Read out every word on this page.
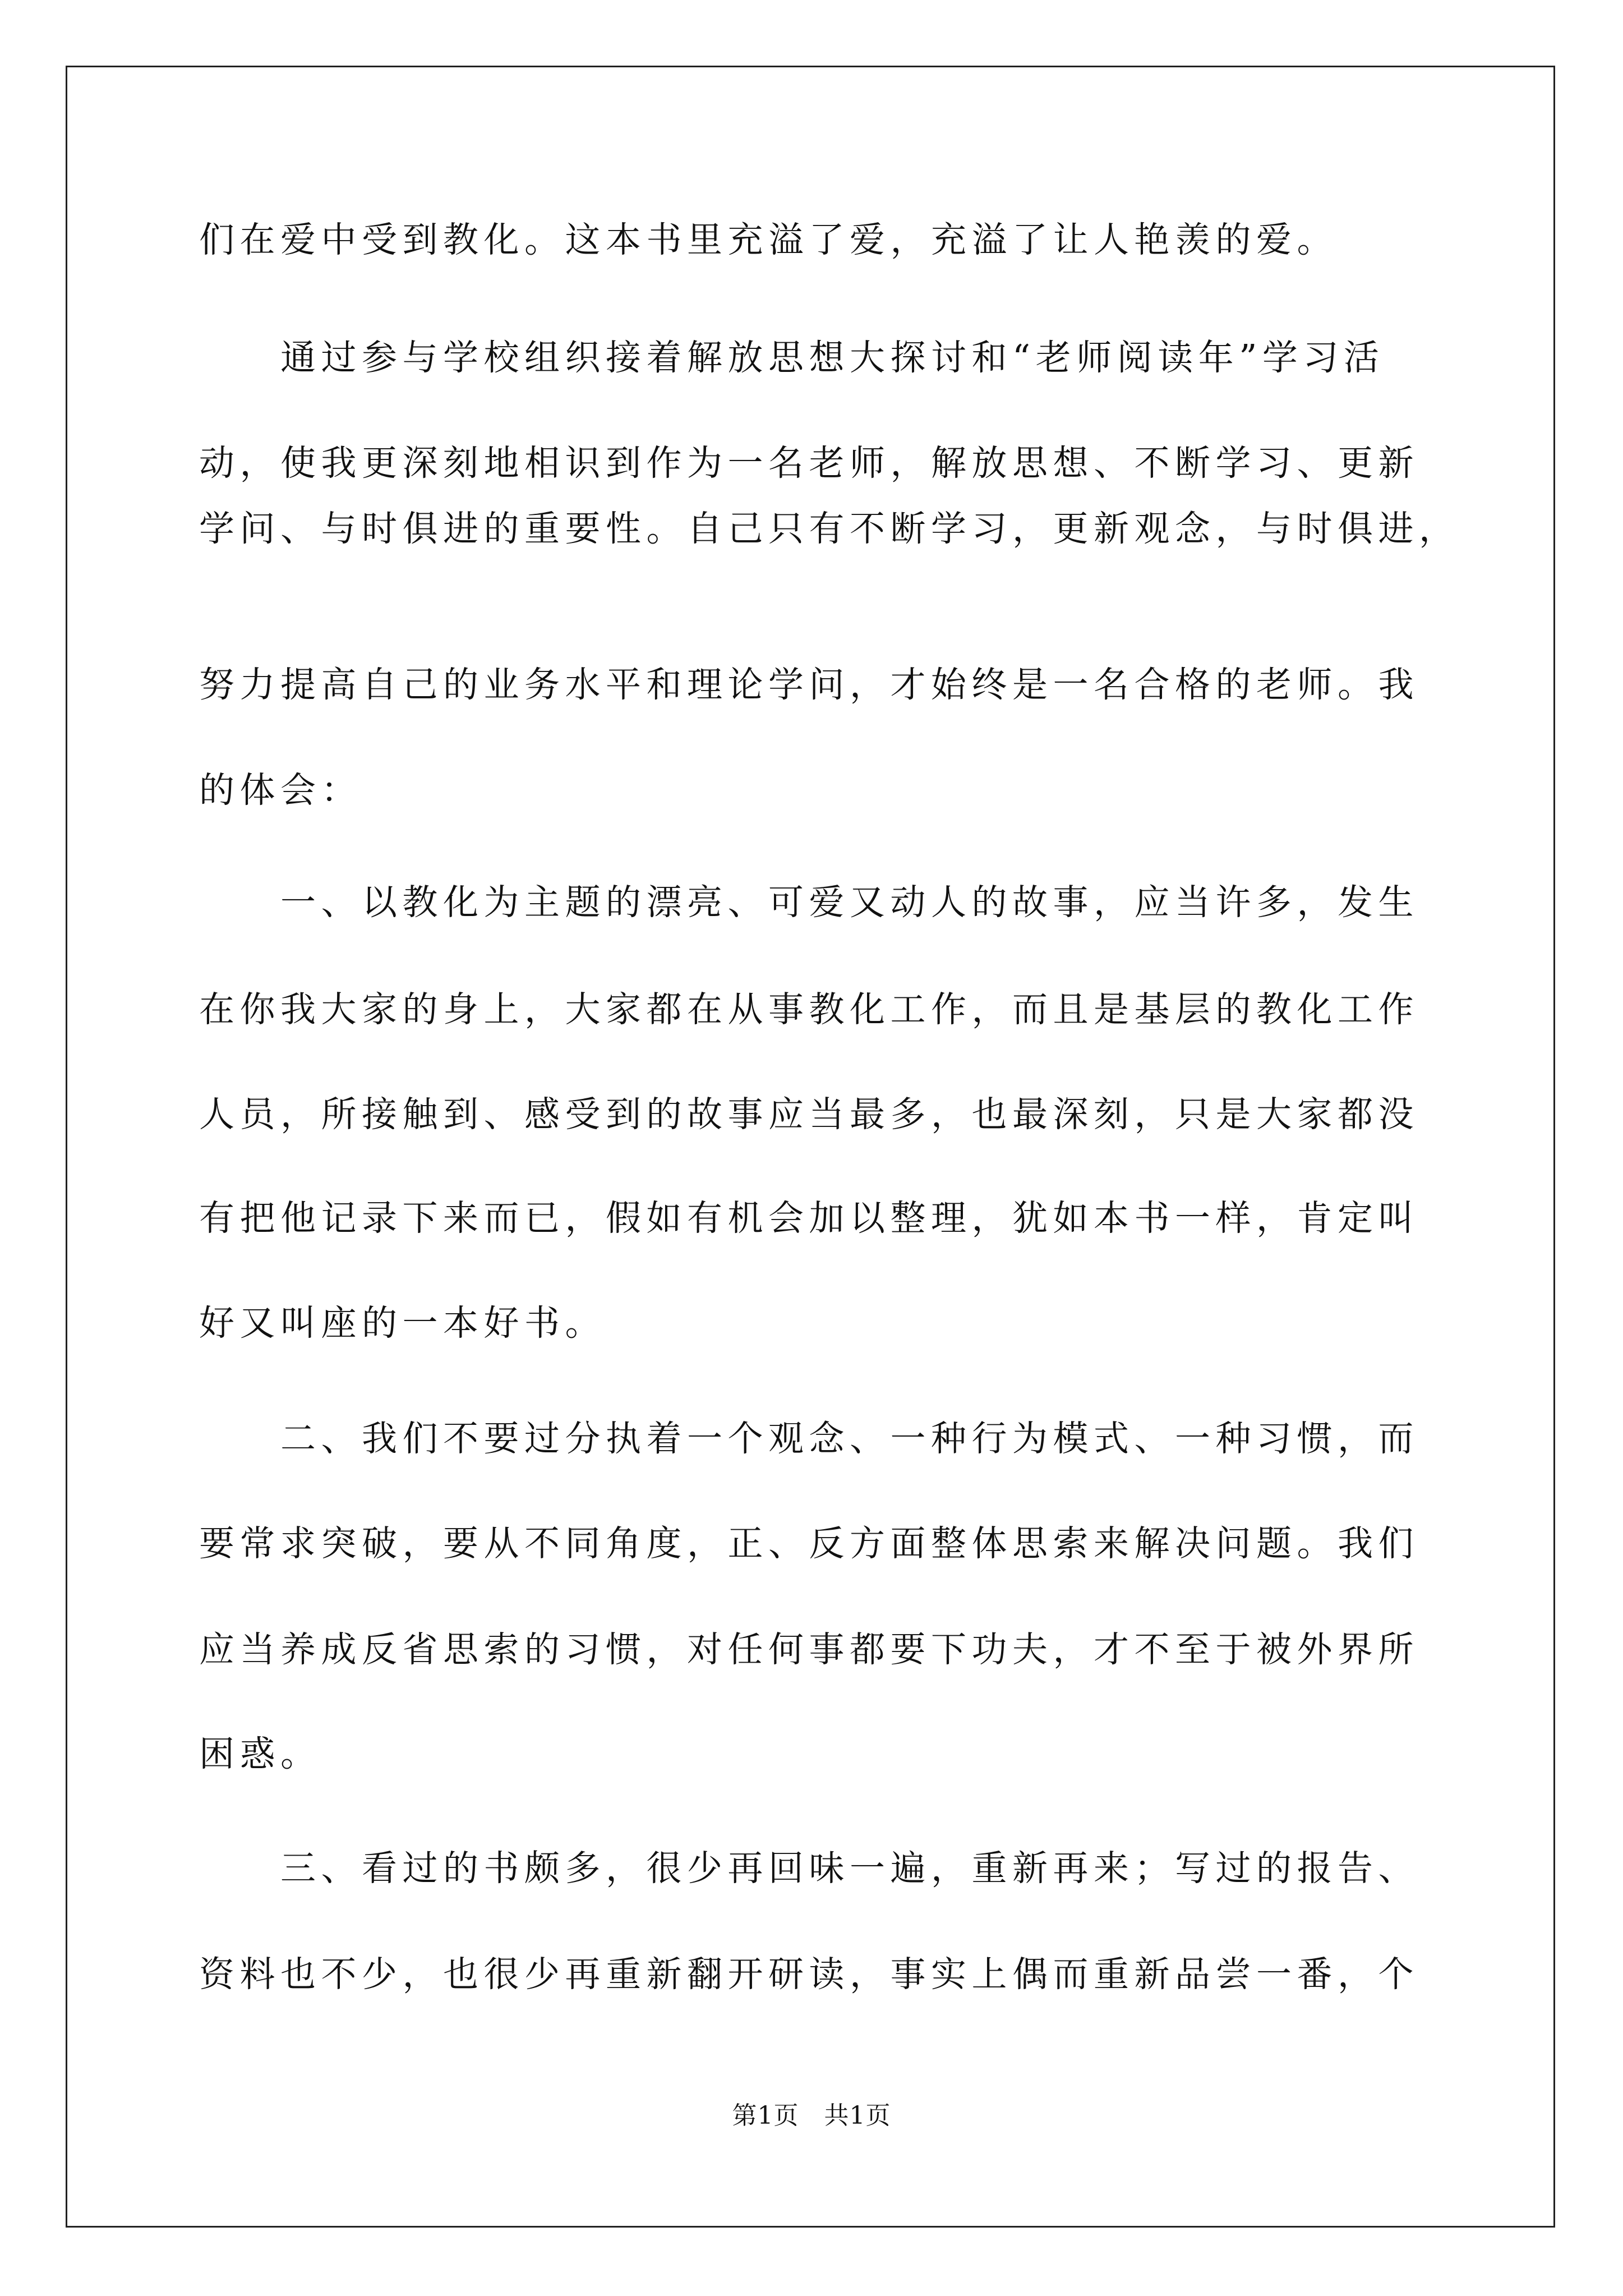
们在爱中受到教化。这本书里充溢了爱，充溢了让人艳羡的爱。
　　通过参与学校组织接着解放思想大探讨和“老师阅读年”学习活
动，使我更深刻地相识到作为一名老师，解放思想、不断学习、更新
学问、与时俱进的重要性。自己只有不断学习，更新观念，与时俱进，
努力提高自己的业务水平和理论学问，才始终是一名合格的老师。我
的体会：
　　一、以教化为主题的漂亮、可爱又动人的故事，应当许多，发生
在你我大家的身上，大家都在从事教化工作，而且是基层的教化工作
人员，所接触到、感受到的故事应当最多，也最深刻，只是大家都没
有把他记录下来而已，假如有机会加以整理，犹如本书一样，肯定叫
好又叫座的一本好书。
　　二、我们不要过分执着一个观念、一种行为模式、一种习惯，而
要常求突破，要从不同角度，正、反方面整体思索来解决问题。我们
应当养成反省思索的习惯，对任何事都要下功夫，才不至于被外界所
困惑。
　　三、看过的书颇多，很少再回味一遍，重新再来；写过的报告、
资料也不少，也很少再重新翻开研读，事实上偶而重新品尝一番，个
第1页　共1页
